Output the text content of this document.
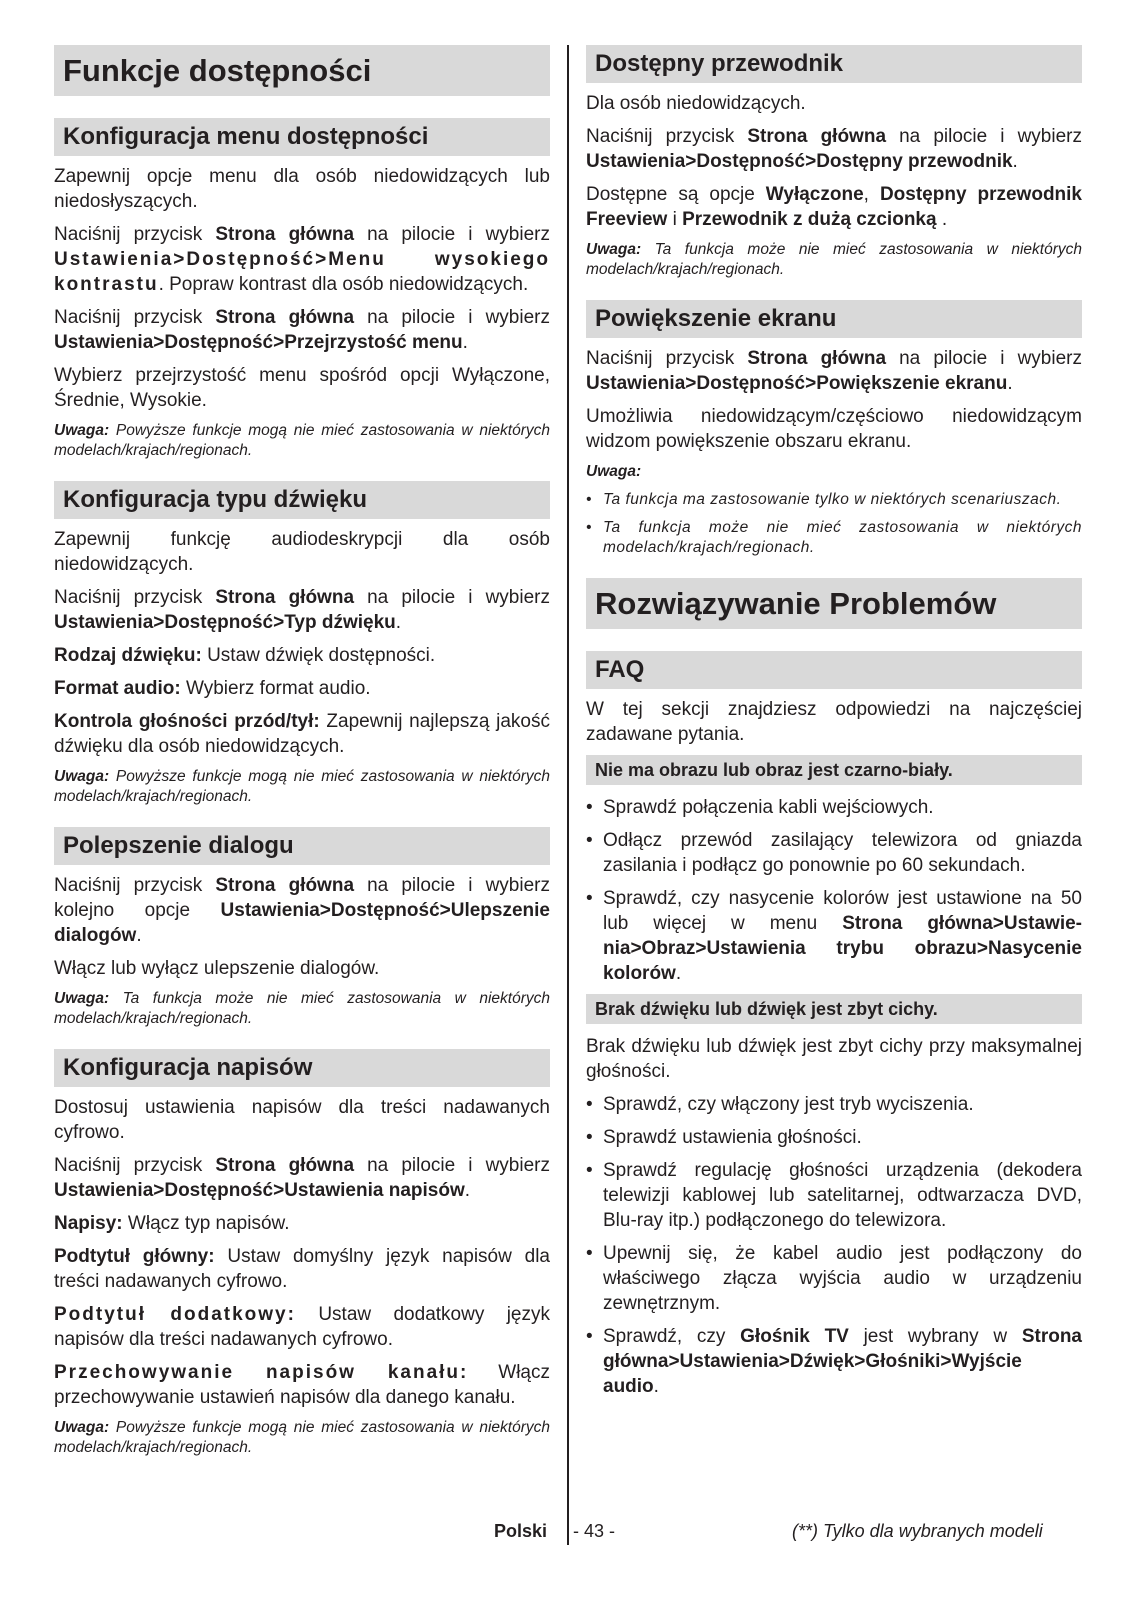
Funkcje dostępności
Konfiguracja menu dostępności

Zapewnij opcje menu dla osób niedowidzących lub niedosłyszących.

Naciśnij przycisk Strona główna na pilocie i wybierz Ustawienia>Dostępność>Menu wysokiego kontrastu. Popraw kontrast dla osób niedowidzących.

Naciśnij przycisk Strona główna na pilocie i wybierz Ustawienia>Dostępność>Przejrzystość menu.

Wybierz przejrzystość menu spośród opcji Wyłączone, Średnie, Wysokie.

Uwaga: Powyższe funkcje mogą nie mieć zastosowania w niektórych modelach/krajach/regionach.

Konfiguracja typu dźwięku

Zapewnij funkcję audiodeskrypcji dla osób niedowidzących.

Naciśnij przycisk Strona główna na pilocie i wybierz Ustawienia>Dostępność>Typ dźwięku.

Rodzaj dźwięku: Ustaw dźwięk dostępności.

Format audio: Wybierz format audio.

Kontrola głośności przód/tył: Zapewnij najlepszą jakość dźwięku dla osób niedowidzących.

Uwaga: Powyższe funkcje mogą nie mieć zastosowania w niektórych modelach/krajach/regionach.

Polepszenie dialogu

Naciśnij przycisk Strona główna na pilocie i wybierz kolejno opcje Ustawienia>Dostępność>Ulepszenie dialogów.

Włącz lub wyłącz ulepszenie dialogów.

Uwaga: Ta funkcja może nie mieć zastosowania w niektórych modelach/krajach/regionach.

Konfiguracja napisów

Dostosuj ustawienia napisów dla treści nadawanych cyfrowo.

Naciśnij przycisk Strona główna na pilocie i wybierz Ustawienia>Dostępność>Ustawienia napisów.

Napisy: Włącz typ napisów.

Podtytuł główny: Ustaw domyślny język napisów dla treści nadawanych cyfrowo.

Podtytuł dodatkowy: Ustaw dodatkowy język napisów dla treści nadawanych cyfrowo.

Przechowywanie napisów kanału: Włącz przechowywanie ustawień napisów dla danego kanału.

Uwaga: Powyższe funkcje mogą nie mieć zastosowania w niektórych modelach/krajach/regionach.

Dostępny przewodnik

Dla osób niedowidzących.

Naciśnij przycisk Strona główna na pilocie i wybierz Ustawienia>Dostępność>Dostępny przewodnik.

Dostępne są opcje Wyłączone, Dostępny przewodnik Freeview i Przewodnik z dużą czcionką .

Uwaga: Ta funkcja może nie mieć zastosowania w niektórych modelach/krajach/regionach.

Powiększenie ekranu

Naciśnij przycisk Strona główna na pilocie i wybierz Ustawienia>Dostępność>Powiększenie ekranu.

Umożliwia niedowidzącym/częściowo niedowidzącym widzom powiększenie obszaru ekranu.

Uwaga:

• Ta funkcja ma zastosowanie tylko w niektórych scenariuszach.
• Ta funkcja może nie mieć zastosowania w niektórych modelach/krajach/regionach.
Rozwiązywanie Problemów
FAQ

W tej sekcji znajdziesz odpowiedzi na najczęściej zadawane pytania.

Nie ma obrazu lub obraz jest czarno-biały.
• Sprawdź połączenia kabli wejściowych.
• Odłącz przewód zasilający telewizora od gniazda zasilania i podłącz go ponownie po 60 sekundach.
• Sprawdź, czy nasycenie kolorów jest ustawione na 50 lub więcej w menu Strona główna>Ustawie-nia>Obraz>Ustawienia trybu obrazu>Nasycenie kolorów.
Brak dźwięku lub dźwięk jest zbyt cichy.

Brak dźwięku lub dźwięk jest zbyt cichy przy maksymalnej głośności.

• Sprawdź, czy włączony jest tryb wyciszenia.
• Sprawdź ustawienia głośności.
• Sprawdź regulację głośności urządzenia (dekodera telewizji kablowej lub satelitarnej, odtwarzacza DVD, Blu-ray itp.) podłączonego do telewizora.
• Upewnij się, że kabel audio jest podłączony do właściwego złącza wyjścia audio w urządzeniu zewnętrznym.
• Sprawdź, czy Głośnik TV jest wybrany w Strona główna>Ustawienia>Dźwięk>Głośniki>Wyjście audio.
Polski - 43 -	(**) Tylko dla wybranych modeli
